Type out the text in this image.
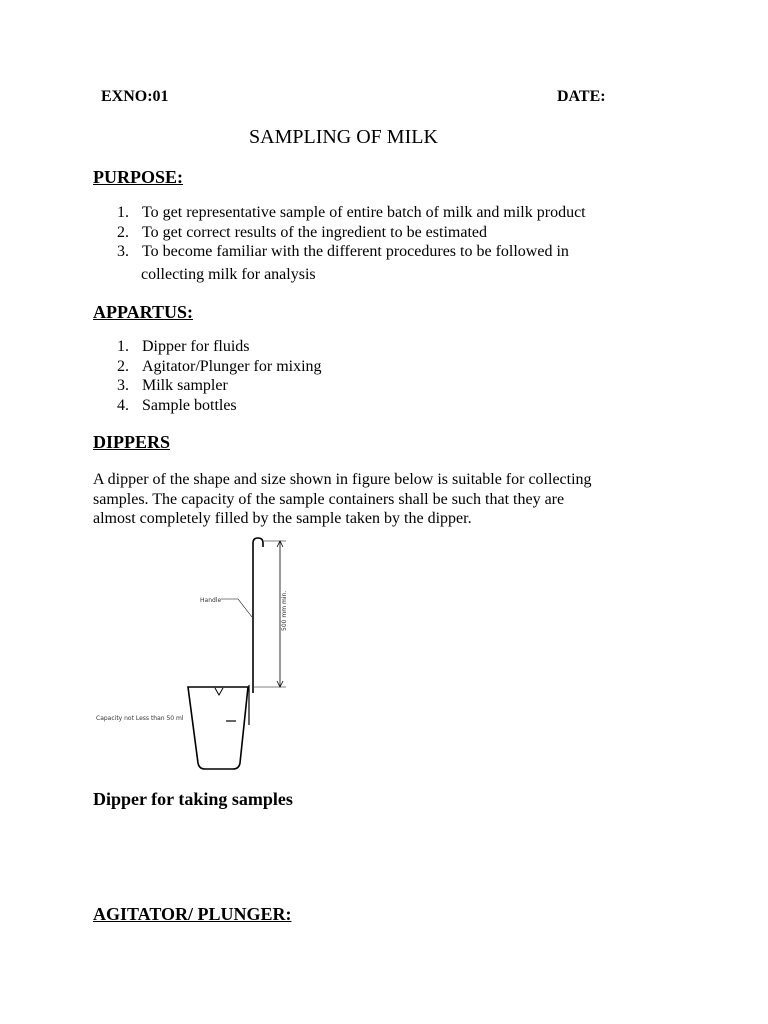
EXNO:01	DATE:
SAMPLING OF MILK
PURPOSE:
1. To get representative sample of entire batch of milk and milk product
2. To get correct results of the ingredient to be estimated
3. To become familiar with the different procedures to be followed in
collecting milk for analysis
APPARTUS:
1. Dipper for fluids
2. Agitator/Plunger for mixing
3. Milk sampler
4. Sample bottles
DIPPERS
A dipper of the shape and size shown in figure below is suitable for collecting
samples. The capacity of the sample containers shall be such that they are
almost completely filled by the sample taken by the dipper.
500 mm min.
Handle
Capacity not Less than 50 ml
Dipper for taking samples
AGITATOR/ PLUNGER:
